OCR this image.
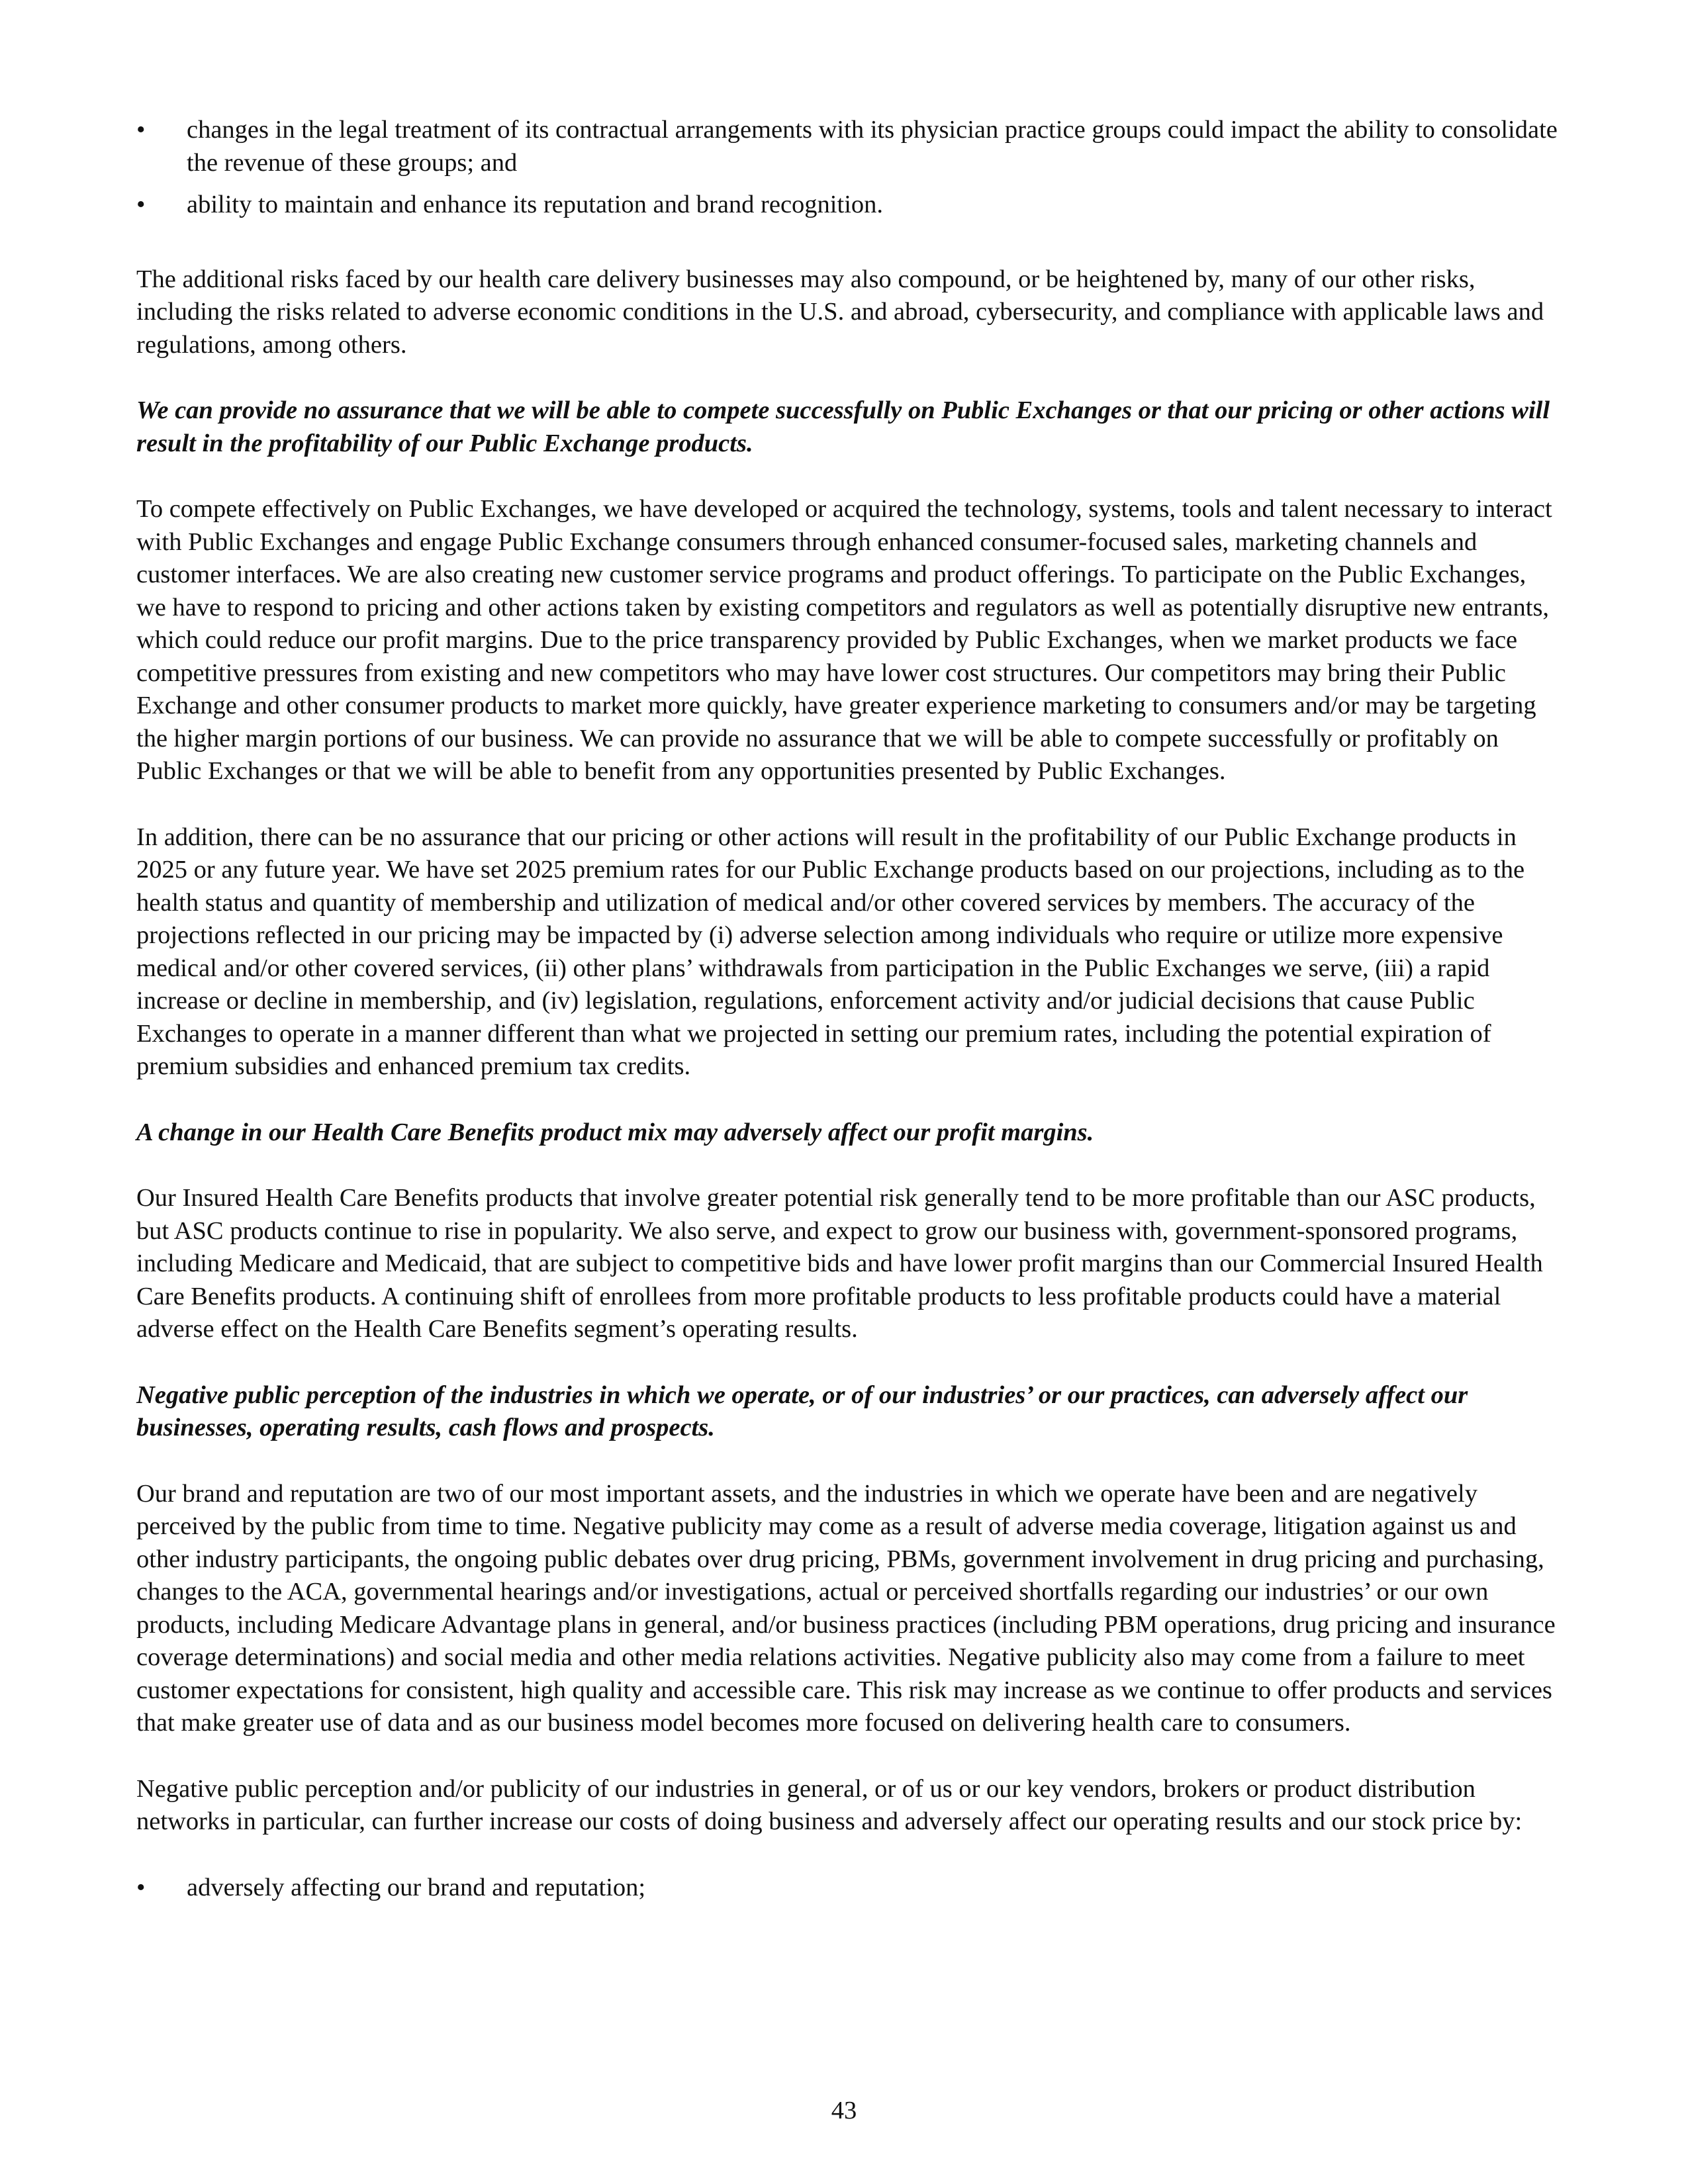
• changes in the legal treatment of its contractual arrangements with its physician practice groups could impact the ability to consolidate the revenue of these groups; and
• ability to maintain and enhance its reputation and brand recognition.

The additional risks faced by our health care delivery businesses may also compound, or be heightened by, many of our other risks, including the risks related to adverse economic conditions in the U.S. and abroad, cybersecurity, and compliance with applicable laws and regulations, among others.

We can provide no assurance that we will be able to compete successfully on Public Exchanges or that our pricing or other actions will result in the profitability of our Public Exchange products.

To compete effectively on Public Exchanges, we have developed or acquired the technology, systems, tools and talent necessary to interact with Public Exchanges and engage Public Exchange consumers through enhanced consumer-focused sales, marketing channels and customer interfaces. We are also creating new customer service programs and product offerings. To participate on the Public Exchanges, we have to respond to pricing and other actions taken by existing competitors and regulators as well as potentially disruptive new entrants, which could reduce our profit margins. Due to the price transparency provided by Public Exchanges, when we market products we face competitive pressures from existing and new competitors who may have lower cost structures. Our competitors may bring their Public Exchange and other consumer products to market more quickly, have greater experience marketing to consumers and/or may be targeting the higher margin portions of our business. We can provide no assurance that we will be able to compete successfully or profitably on Public Exchanges or that we will be able to benefit from any opportunities presented by Public Exchanges.

In addition, there can be no assurance that our pricing or other actions will result in the profitability of our Public Exchange products in 2025 or any future year. We have set 2025 premium rates for our Public Exchange products based on our projections, including as to the health status and quantity of membership and utilization of medical and/or other covered services by members. The accuracy of the projections reflected in our pricing may be impacted by (i) adverse selection among individuals who require or utilize more expensive medical and/or other covered services, (ii) other plans’ withdrawals from participation in the Public Exchanges we serve, (iii) a rapid increase or decline in membership, and (iv) legislation, regulations, enforcement activity and/or judicial decisions that cause Public Exchanges to operate in a manner different than what we projected in setting our premium rates, including the potential expiration of premium subsidies and enhanced premium tax credits.

A change in our Health Care Benefits product mix may adversely affect our profit margins.

Our Insured Health Care Benefits products that involve greater potential risk generally tend to be more profitable than our ASC products, but ASC products continue to rise in popularity. We also serve, and expect to grow our business with, government-sponsored programs, including Medicare and Medicaid, that are subject to competitive bids and have lower profit margins than our Commercial Insured Health Care Benefits products. A continuing shift of enrollees from more profitable products to less profitable products could have a material adverse effect on the Health Care Benefits segment’s operating results.

Negative public perception of the industries in which we operate, or of our industries’ or our practices, can adversely affect our businesses, operating results, cash flows and prospects.

Our brand and reputation are two of our most important assets, and the industries in which we operate have been and are negatively perceived by the public from time to time. Negative publicity may come as a result of adverse media coverage, litigation against us and other industry participants, the ongoing public debates over drug pricing, PBMs, government involvement in drug pricing and purchasing, changes to the ACA, governmental hearings and/or investigations, actual or perceived shortfalls regarding our industries’ or our own products, including Medicare Advantage plans in general, and/or business practices (including PBM operations, drug pricing and insurance coverage determinations) and social media and other media relations activities. Negative publicity also may come from a failure to meet customer expectations for consistent, high quality and accessible care. This risk may increase as we continue to offer products and services that make greater use of data and as our business model becomes more focused on delivering health care to consumers.

Negative public perception and/or publicity of our industries in general, or of us or our key vendors, brokers or product distribution networks in particular, can further increase our costs of doing business and adversely affect our operating results and our stock price by:

• adversely affecting our brand and reputation;
43
